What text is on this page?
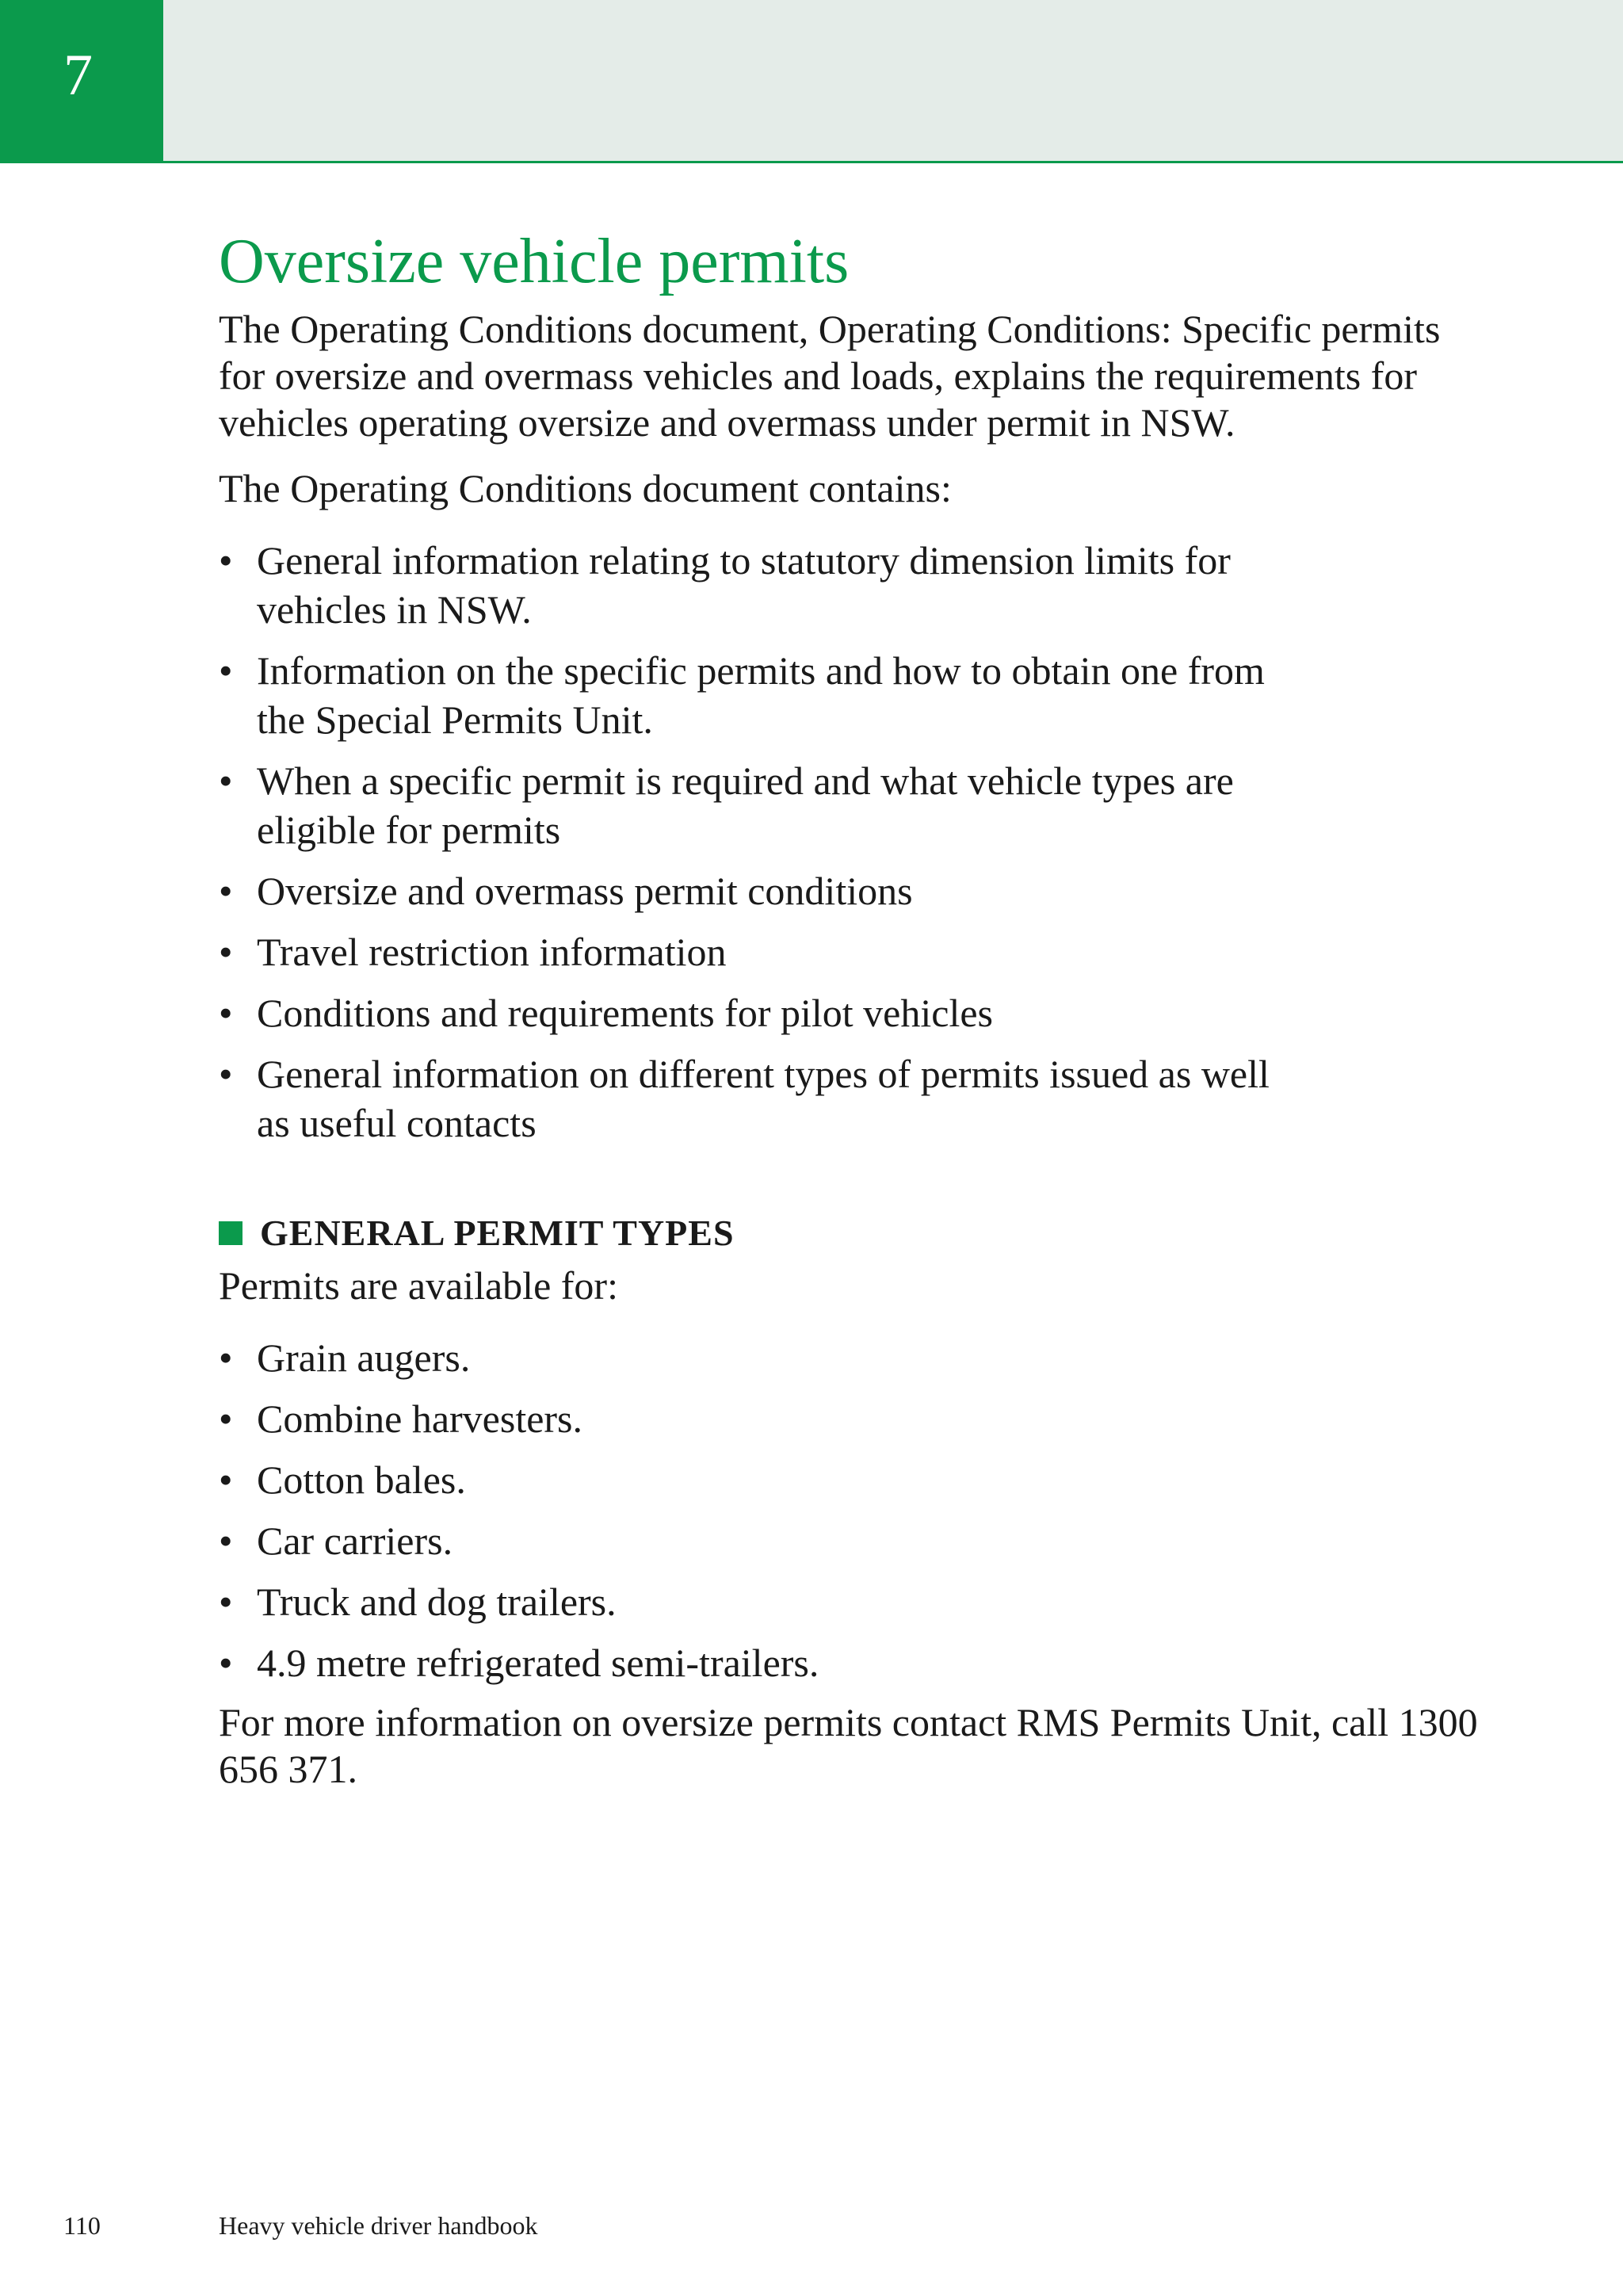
7
Oversize vehicle permits

The Operating Conditions document, Operating Conditions: Specific permits for oversize and overmass vehicles and loads, explains the requirements for vehicles operating oversize and overmass under permit in NSW.

The Operating Conditions document contains:

• General information relating to statutory dimension limits for vehicles in NSW.
• Information on the specific permits and how to obtain one from the Special Permits Unit.
• When a specific permit is required and what vehicle types are eligible for permits
• Oversize and overmass permit conditions
• Travel restriction information
• Conditions and requirements for pilot vehicles
• General information on different types of permits issued as well as useful contacts
GENERAL PERMIT TYPES

Permits are available for:

• Grain augers.
• Combine harvesters.
• Cotton bales.
• Car carriers.
• Truck and dog trailers.
• 4.9 metre refrigerated semi-trailers.

For more information on oversize permits contact RMS Permits Unit, call 1300 656 371.

110	Heavy vehicle driver handbook
